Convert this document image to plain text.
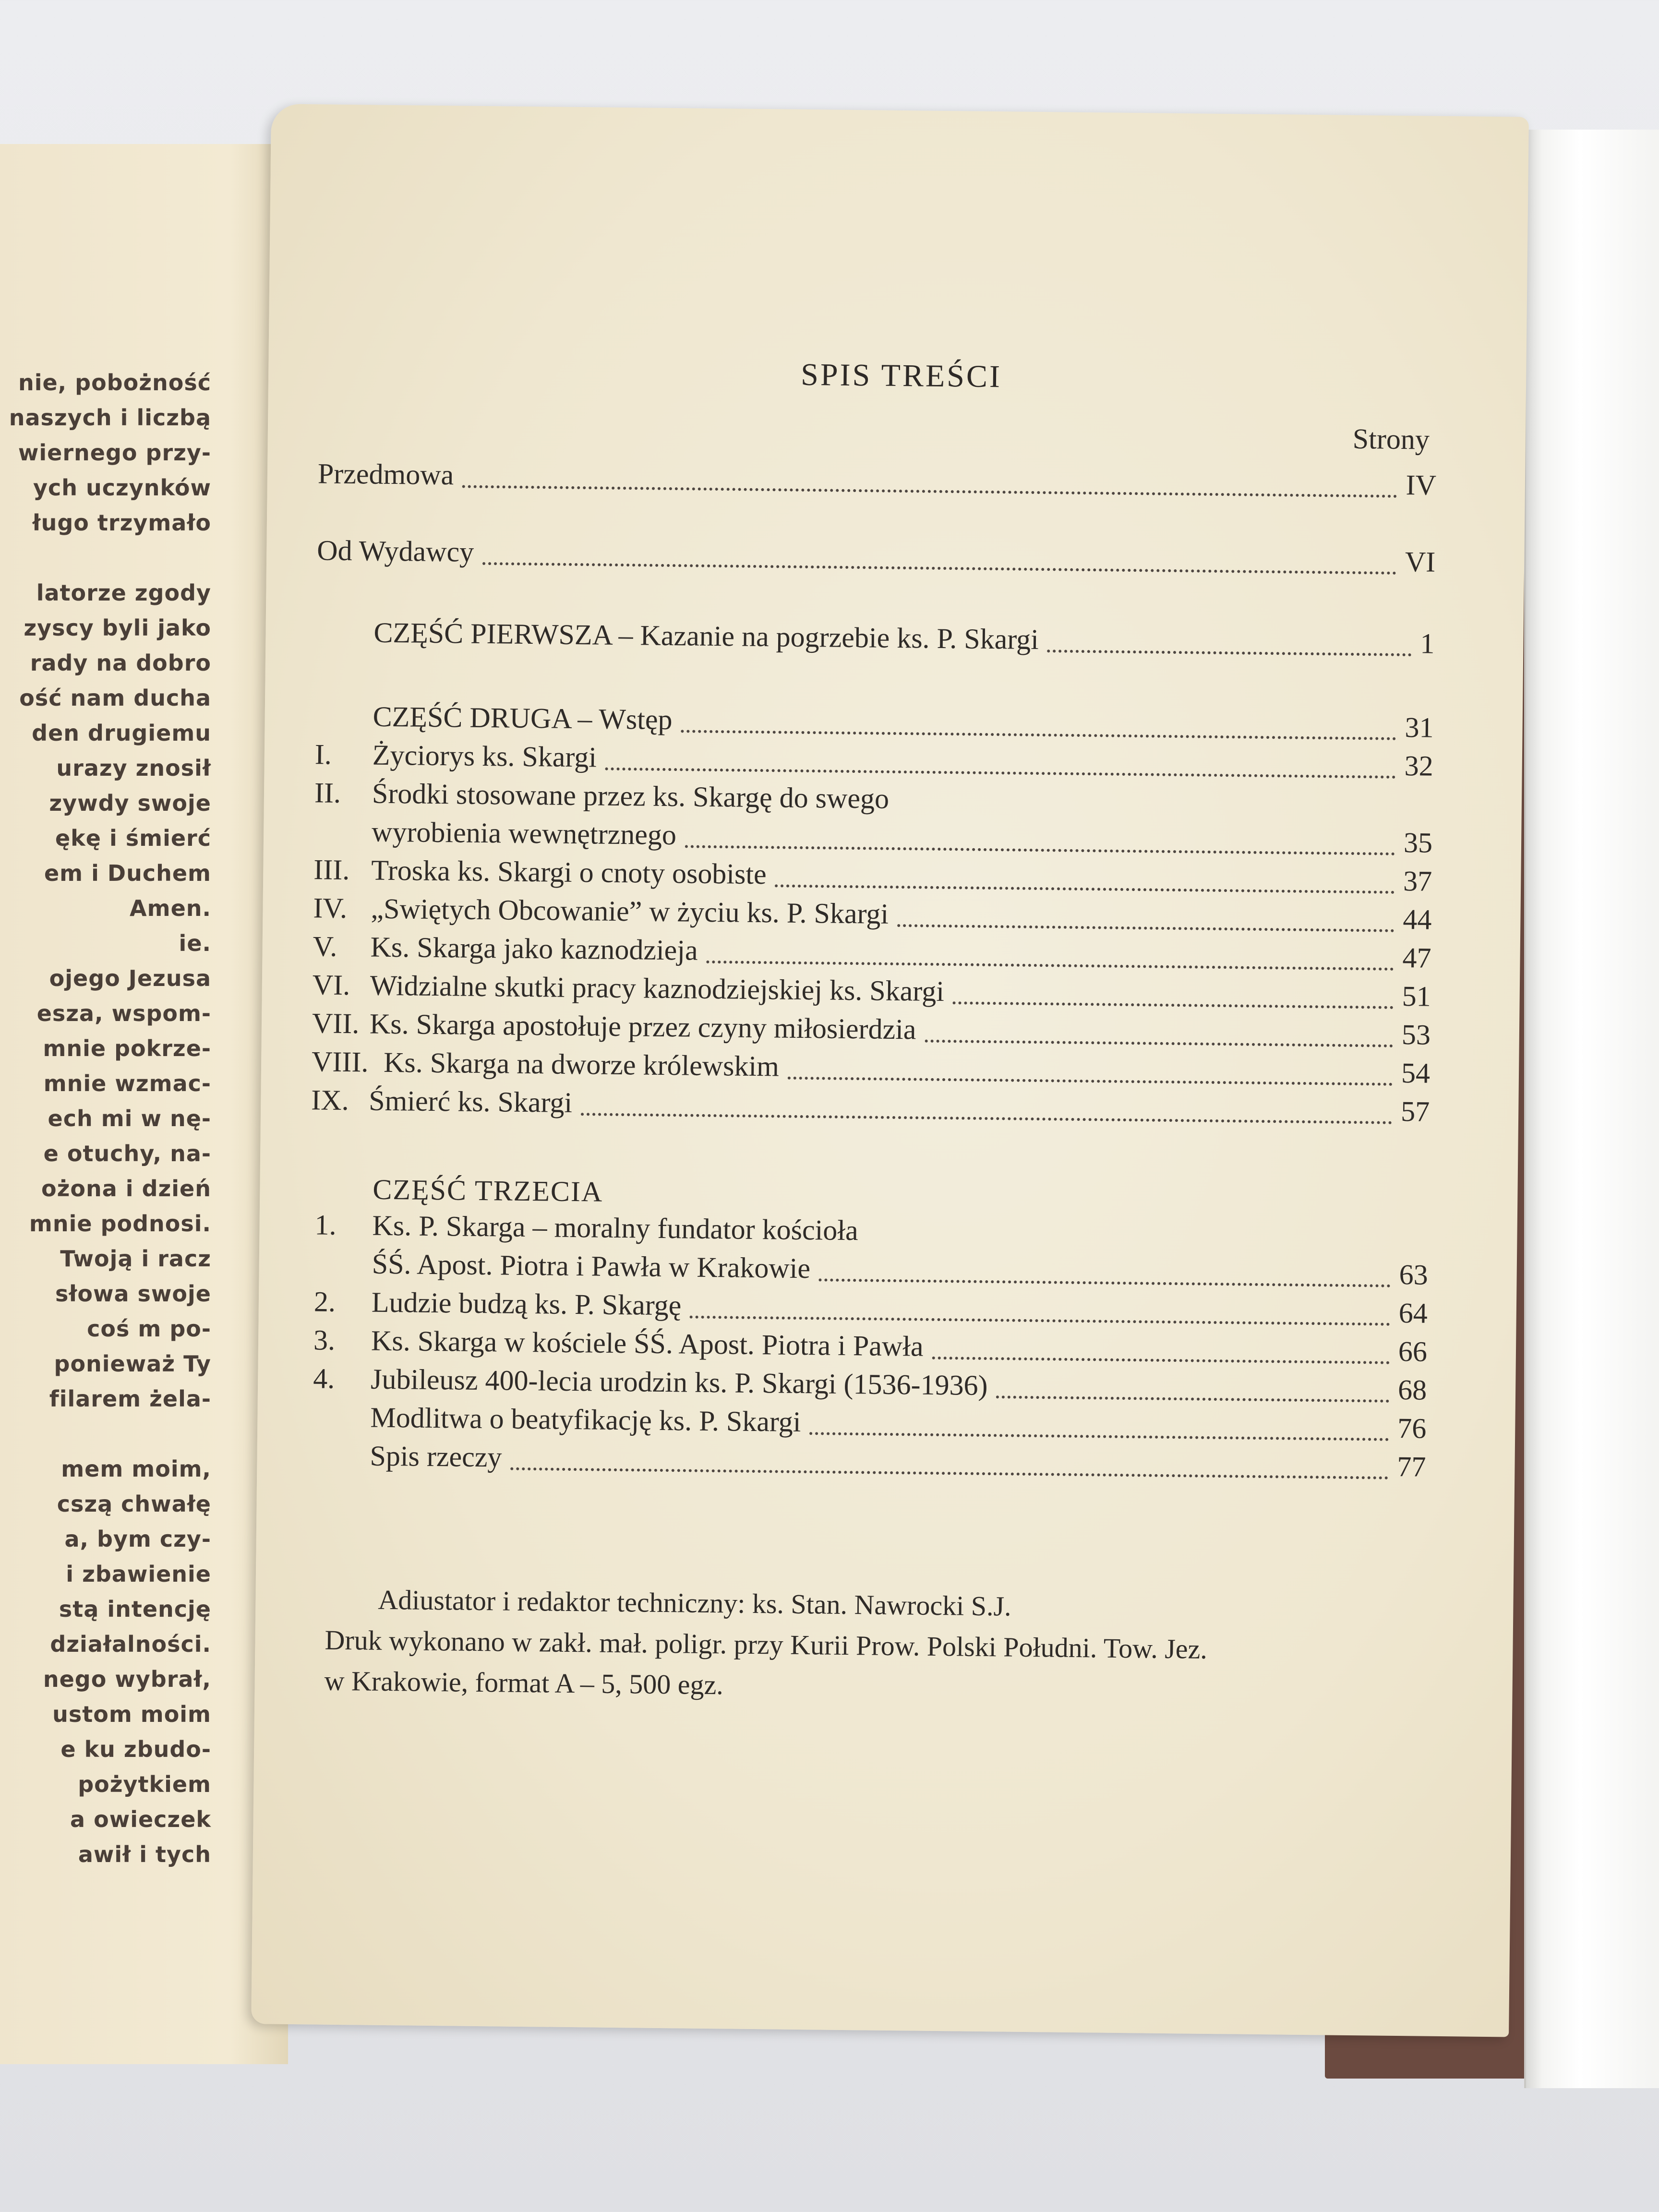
nie, pobożność
naszych i liczbą
wiernego przy-
ych uczynków
ługo trzymało
latorze zgody
zyscy byli jako
rady na dobro
ość nam ducha
den drugiemu
urazy znosił
zywdy swoje
ękę i śmierć
em i Duchem
Amen.
ie.
ojego Jezusa
esza, wspom-
mnie pokrze-
mnie wzmac-
ech mi w nę-
e otuchy, na-
ożona i dzień
mnie podnosi.
Twoją i racz
słowa swoje
coś m po-
ponieważ Ty
filarem żela-
mem moim,
cszą chwałę
a, bym czy-
i zbawienie
stą intencję
działalności.
nego wybrał,
ustom moim
e ku zbudo-
pożytkiem
a owieczek
awił i tych
SPIS TREŚCI
Strony
Przedmowa	IV
Od Wydawcy	VI
CZĘŚĆ PIERWSZA – Kazanie na pogrzebie ks. P. Skargi	1
CZĘŚĆ DRUGA – Wstęp	31
I. Życiorys ks. Skargi	32
II. Środki stosowane przez ks. Skargę do swego
wyrobienia wewnętrznego	35
III. Troska ks. Skargi o cnoty osobiste	37
IV. „Swiętych Obcowanie” w życiu ks. P. Skargi	44
V. Ks. Skarga jako kaznodzieja	47
VI. Widzialne skutki pracy kaznodziejskiej ks. Skargi	51
VII. Ks. Skarga apostołuje przez czyny miłosierdzia	53
VIII. Ks. Skarga na dworze królewskim	54
IX. Śmierć ks. Skargi	57
CZĘŚĆ TRZECIA
1. Ks. P. Skarga – moralny fundator kościoła
ŚŚ. Apost. Piotra i Pawła w Krakowie	63
2. Ludzie budzą ks. P. Skargę	64
3. Ks. Skarga w kościele ŚŚ. Apost. Piotra i Pawła	66
4. Jubileusz 400-lecia urodzin ks. P. Skargi (1536-1936)	68
Modlitwa o beatyfikację ks. P. Skargi	76
Spis rzeczy	77
Adiustator i redaktor techniczny: ks. Stan. Nawrocki S.J.
Druk wykonano w zakł. mał. poligr. przy Kurii Prow. Polski Południ. Tow. Jez.
w Krakowie, format A – 5, 500 egz.
